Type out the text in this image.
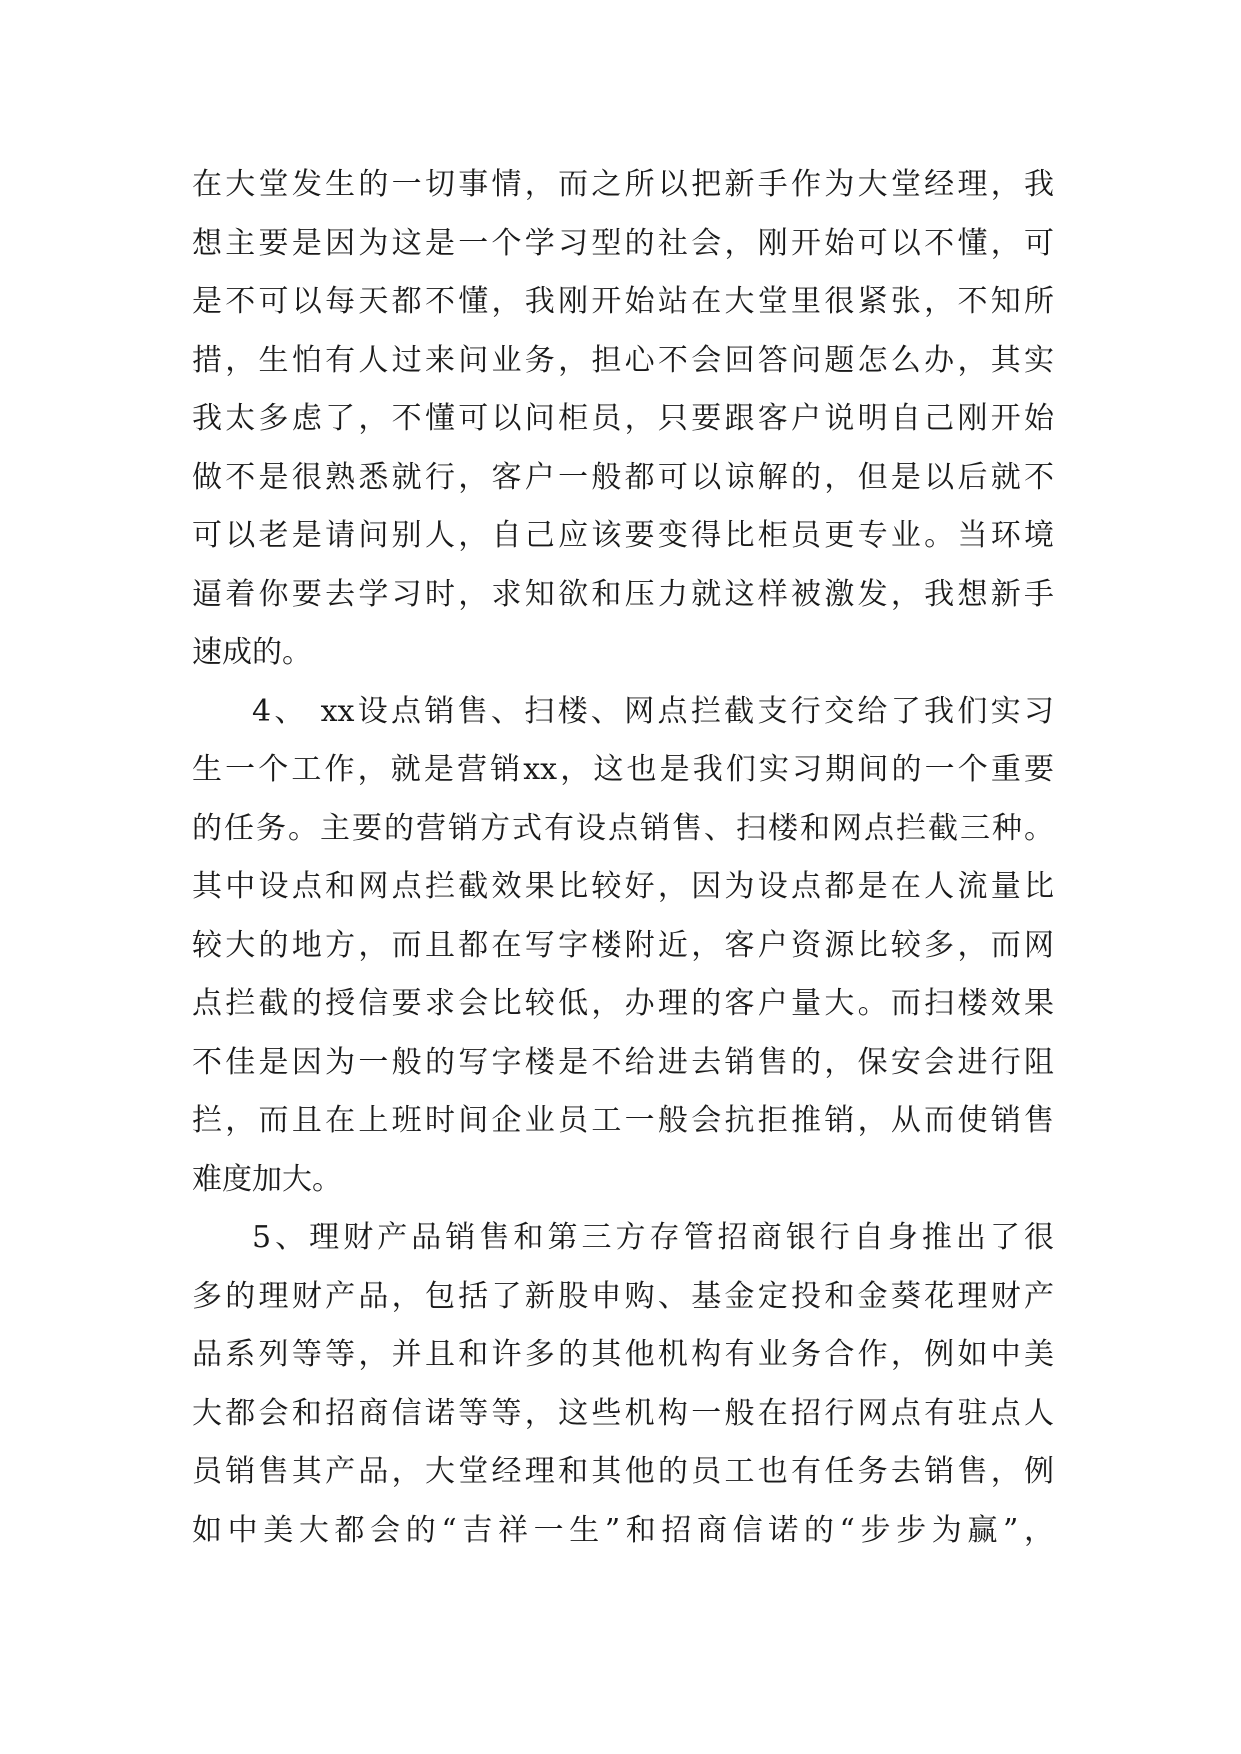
在大堂发生的一切事情，而之所以把新手作为大堂经理，我
想主要是因为这是一个学习型的社会，刚开始可以不懂，可
是不可以每天都不懂，我刚开始站在大堂里很紧张，不知所
措，生怕有人过来问业务，担心不会回答问题怎么办，其实
我太多虑了，不懂可以问柜员，只要跟客户说明自己刚开始
做不是很熟悉就行，客户一般都可以谅解的，但是以后就不
可以老是请问别人，自己应该要变得比柜员更专业。当环境
逼着你要去学习时，求知欲和压力就这样被激发，我想新手
速成的。
4、 xx设点销售、扫楼、网点拦截支行交给了我们实习
生一个工作，就是营销xx，这也是我们实习期间的一个重要
的任务。主要的营销方式有设点销售、扫楼和网点拦截三种。
其中设点和网点拦截效果比较好，因为设点都是在人流量比
较大的地方，而且都在写字楼附近，客户资源比较多，而网
点拦截的授信要求会比较低，办理的客户量大。而扫楼效果
不佳是因为一般的写字楼是不给进去销售的，保安会进行阻
拦，而且在上班时间企业员工一般会抗拒推销，从而使销售
难度加大。
5、理财产品销售和第三方存管招商银行自身推出了很
多的理财产品，包括了新股申购、基金定投和金葵花理财产
品系列等等，并且和许多的其他机构有业务合作，例如中美
大都会和招商信诺等等，这些机构一般在招行网点有驻点人
员销售其产品，大堂经理和其他的员工也有任务去销售，例
如中美大都会的“吉祥一生”和招商信诺的“步步为赢”，
